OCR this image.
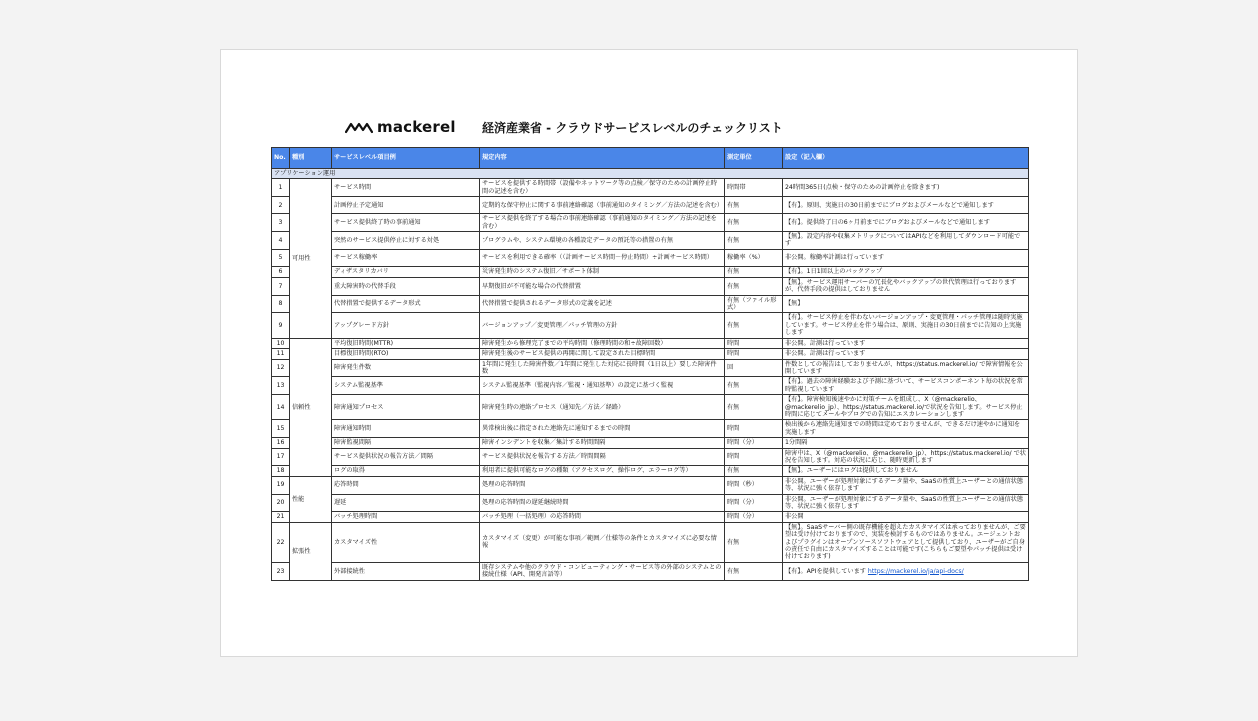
mackerel 経済産業省 - クラウドサービスレベルのチェックリスト
No.	種別	サービスレベル項目例	規定内容	測定単位	設定（記入欄）
アプリケーション運用					
1	可用性	サービス時間	サービスを提供する時間帯（設備やネットワーク等の点検／保守のための計画停止時間の記述を含む）	時間帯	24時間365日(点検・保守のための計画停止を除きます)
2		計画停止予定通知	定期的な保守停止に関する事前連絡確認（事前通知のタイミング／方法の記述を含む）	有無	【有】。原則、実施日の30日前までにブログおよびメールなどで通知します
3		サービス提供終了時の事前通知	サービス提供を終了する場合の事前連絡確認（事前通知のタイミング／方法の記述を含む）	有無	【有】。提供終了日の6ヶ月前までにブログおよびメールなどで通知します
4		突然のサービス提供停止に対する対処	プログラムや、システム環境の各種設定データの預託等の措置の有無	有無	【無】。設定内容や収集メトリックについてはAPIなどを利用してダウンロード可能です
5		サービス稼働率	サービスを利用できる確率（（計画サービス時間－停止時間）÷計画サービス時間）	稼働率（%）	非公開。稼働率計測は行っています
6		ディザスタリカバリ	災害発生時のシステム復旧／サポート体制	有無	【有】。1日1回以上のバックアップ
7		重大障害時の代替手段	早期復旧が不可能な場合の代替措置	有無	【無】。サービス運用サーバーの冗長化やバックアップの世代管理は行っておりますが、代替手段の提供はしておりません
8		代替措置で提供するデータ形式	代替措置で提供されるデータ形式の定義を記述	有無（ファイル形式）	【無】
9		アップグレード方針	バージョンアップ／変更管理／パッチ管理の方針	有無	【有】。サービス停止を伴わないバージョンアップ・変更管理・パッチ管理は随時実施しています。サービス停止を伴う場合は、原則、実施日の30日前までに告知の上実施します
10	信頼性	平均復旧時間(MTTR)	障害発生から修理完了までの平均時間（修理時間の和÷故障回数）	時間	非公開。計測は行っています
11		目標復旧時間(RTO)	障害発生後のサービス提供の再開に関して設定された目標時間	時間	非公開。計測は行っています
12		障害発生件数	1年間に発生した障害件数／1年間に発生した対応に長時間（1日以上）要した障害件数	回	件数としての報告はしておりませんが、https://status.mackerel.io/ で障害情報を公開しています
13		システム監視基準	システム監視基準（監視内容／監視・通知基準）の設定に基づく監視	有無	【有】。過去の障害経験および予測に基づいて、サービスコンポーネント毎の状況を常時監視しています
14		障害通知プロセス	障害発生時の連絡プロセス（通知先／方法／経路）	有無	【有】。障害検知後速やかに対策チームを組成し、X（@mackerelio、@mackerelio_jp）、https://status.mackerel.io/で状況を告知します。サービス停止時間に応じてメールやブログでの告知にエスカレーションします
15		障害通知時間	異常検出後に指定された連絡先に通知するまでの時間	時間	検出後から連絡先通知までの時間は定めておりませんが、できるだけ速やかに通知を実施します
16		障害監視間隔	障害インシデントを収集／集計する時間間隔	時間（分）	1分間隔
17		サービス提供状況の報告方法／間隔	サービス提供状況を報告する方法／時間間隔	時間	障害中は、X（@mackerelio、@mackerelio_jp）、https://status.mackerel.io/ で状況を告知します。対応の状況に応じ、随時更新します
18		ログの取得	利用者に提供可能なログの種類（アクセスログ、操作ログ、エラーログ等）	有無	【無】。ユーザーにはログは提供しておりません
19	性能	応答時間	処理の応答時間	時間（秒）	非公開。ユーザーが処理対象にするデータ量や、SaaSの性質上ユーザーとの通信状態等、状況に強く依存します
20		遅延	処理の応答時間の遅延継続時間	時間（分）	非公開。ユーザーが処理対象にするデータ量や、SaaSの性質上ユーザーとの通信状態等、状況に強く依存します
21		バッチ処理時間	バッチ処理（一括処理）の応答時間	時間（分）	非公開
22	拡張性	カスタマイズ性	カスタマイズ（変更）が可能な事項／範囲／仕様等の条件とカスタマイズに必要な情報	有無	【無】。SaaSサーバー側の既存機能を超えたカスタマイズは承っておりませんが、ご要望は受け付けておりますので、実装を検討するものではありません。エージェントおよびプラグインはオープンソースソフトウェアとして提供しており、ユーザーがご自身の責任で自由にカスタマイズすることは可能です(こちらもご要望やパッチ提供は受け付けております)
23		外部接続性	既存システムや他のクラウド・コンピューティング・サービス等の外部のシステムとの接続仕様（API、開発言語等）	有無	【有】。APIを提供しています https://mackerel.io/ja/api-docs/
